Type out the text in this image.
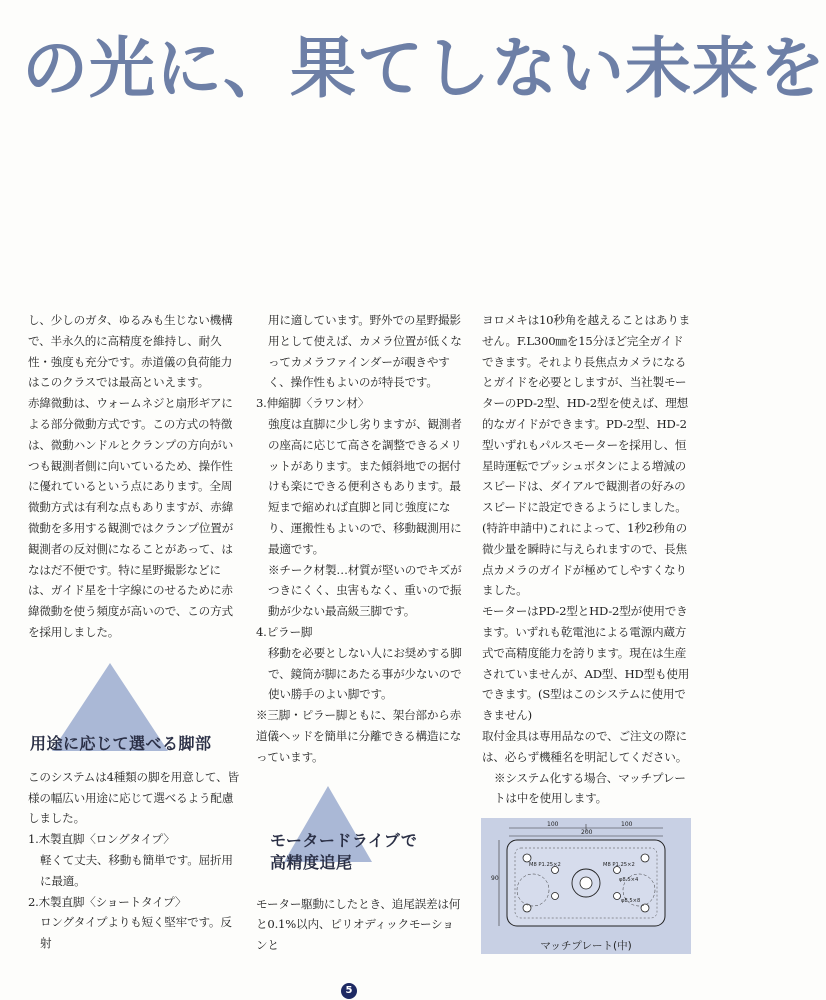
の光に、果てしない未来を

し、少しのガタ、ゆるみも生じない機構で、半永久的に高精度を維持し、耐久性・強度も充分です。赤道儀の負荷能力はこのクラスでは最高といえます。

赤緯微動は、ウォームネジと扇形ギアによる部分微動方式です。この方式の特徴は、微動ハンドルとクランプの方向がいつも観測者側に向いているため、操作性に優れているという点にあります。全周微動方式は有利な点もありますが、赤緯微動を多用する観測ではクランプ位置が観測者の反対側になることがあって、はなはだ不便です。特に星野撮影などには、ガイド星を十字線にのせるために赤緯微動を使う頻度が高いので、この方式を採用しました。

用途に応じて選べる脚部

このシステムは4種類の脚を用意して、皆様の幅広い用途に応じて選べるよう配慮しました。

1.木製直脚〈ロングタイプ〉

軽くて丈夫、移動も簡単です。屈折用に最適。

2.木製直脚〈ショートタイプ〉

ロングタイプよりも短く堅牢です。反射

用に適しています。野外での星野撮影用として使えば、カメラ位置が低くなってカメラファインダーが覗きやすく、操作性もよいのが特長です。

3.伸縮脚〈ラワン材〉

強度は直脚に少し劣りますが、観測者の座高に応じて高さを調整できるメリットがあります。また傾斜地での据付けも楽にできる便利さもあります。最短まで縮めれば直脚と同じ強度になり、運搬性もよいので、移動観測用に最適です。

※チーク材製…材質が堅いのでキズがつきにくく、虫害もなく、重いので振動が少ない最高級三脚です。

4.ピラー脚

移動を必要としない人にお奨めする脚で、鏡筒が脚にあたる事が少ないので使い勝手のよい脚です。

※三脚・ピラー脚ともに、架台部から赤道儀ヘッドを簡単に分離できる構造になっています。

モータードライブで高精度追尾

モーター駆動にしたとき、追尾誤差は何と0.1%以内、ピリオディックモーションと

ヨロメキは10秒角を越えることはありません。F.L300㎜を15分ほど完全ガイドできます。それより長焦点カメラになるとガイドを必要としますが、当社製モーターのPD-2型、HD-2型を使えば、理想的なガイドができます。PD-2型、HD-2型いずれもパルスモーターを採用し、恒星時運転でプッシュボタンによる増減のスピードは、ダイアルで観測者の好みのスピードに設定できるようにしました。(特許申請中)これによって、1秒2秒角の微少量を瞬時に与えられますので、長焦点カメラのガイドが極めてしやすくなりました。

モーターはPD-2型とHD-2型が使用できます。いずれも乾電池による電源内蔵方式で高精度能力を誇ります。現在は生産されていませんが、AD型、HD型も使用できます。(S型はこのシステムに使用できません)

取付金具は専用品なので、ご注文の際には、必らず機種名を明記してください。

※システム化する場合、マッチプレートは中を使用します。

100	100
200
90
M8 P1.25×2	M8 P1.25×2
φ8.5×4
φ8.5×8
マッチプレート(中)
5
